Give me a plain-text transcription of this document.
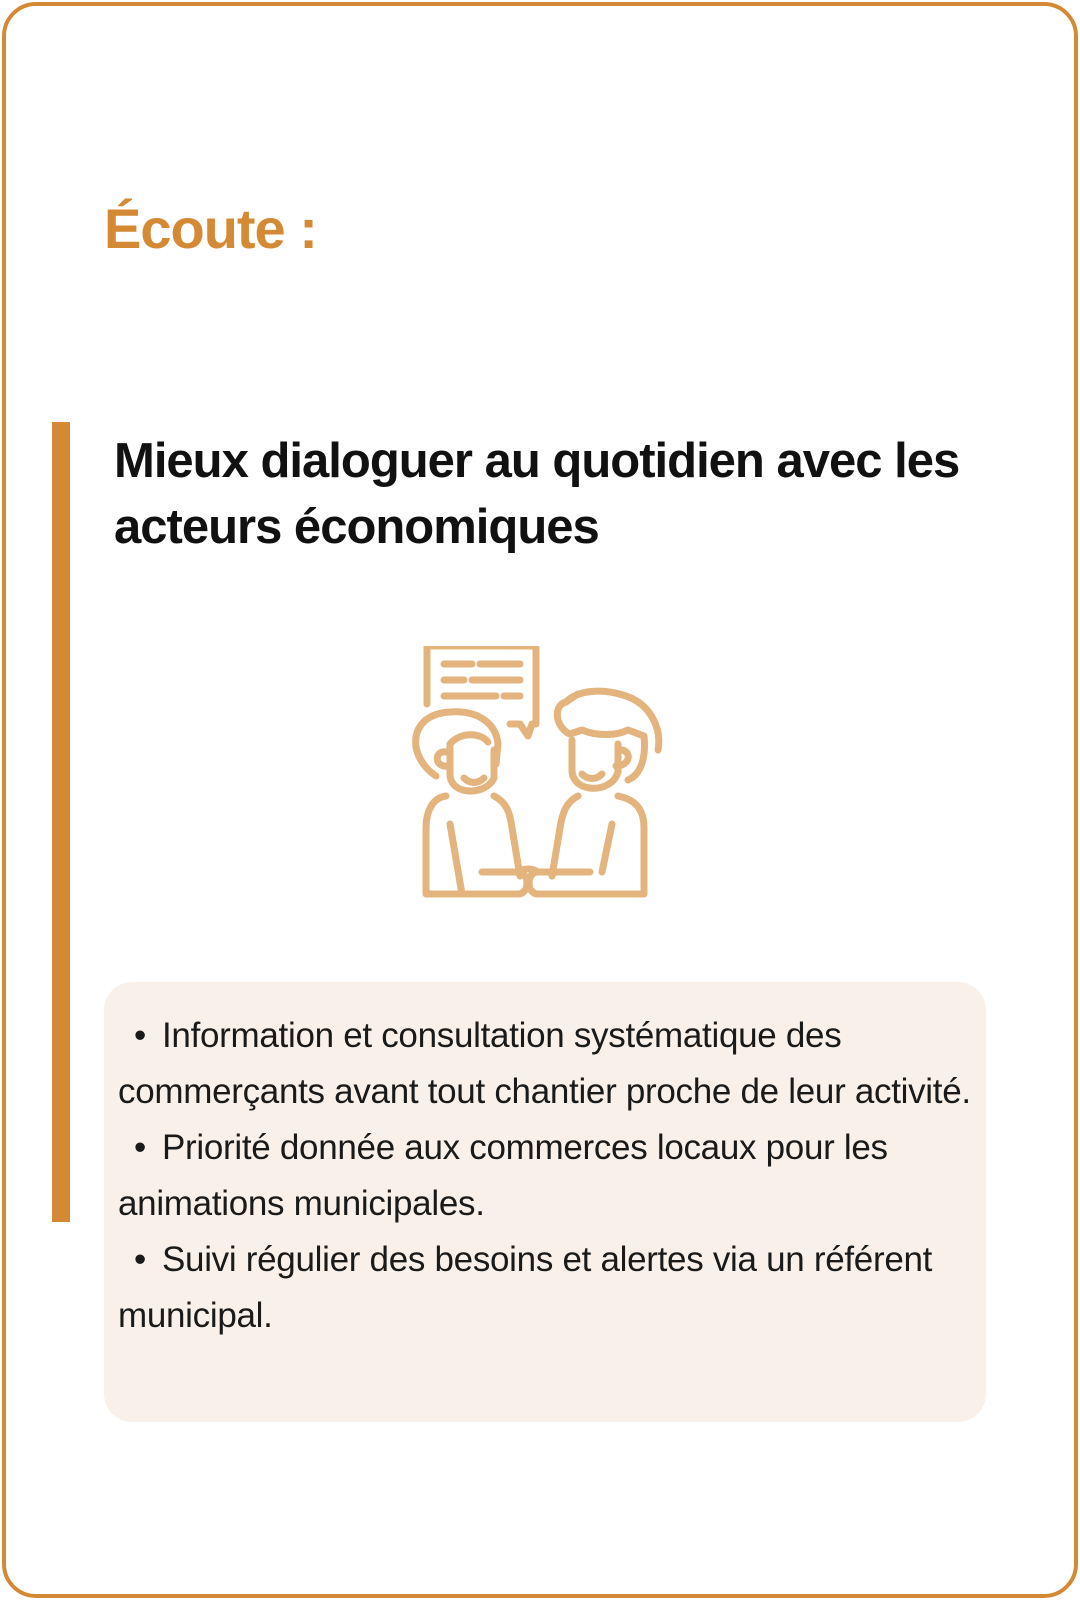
Écoute :
Mieux dialoguer au quotidien avec les acteurs économiques
• Information et consultation systématique des commerçants avant tout chantier proche de leur activité.
• Priorité donnée aux commerces locaux pour les animations municipales.
• Suivi régulier des besoins et alertes via un référent municipal.
